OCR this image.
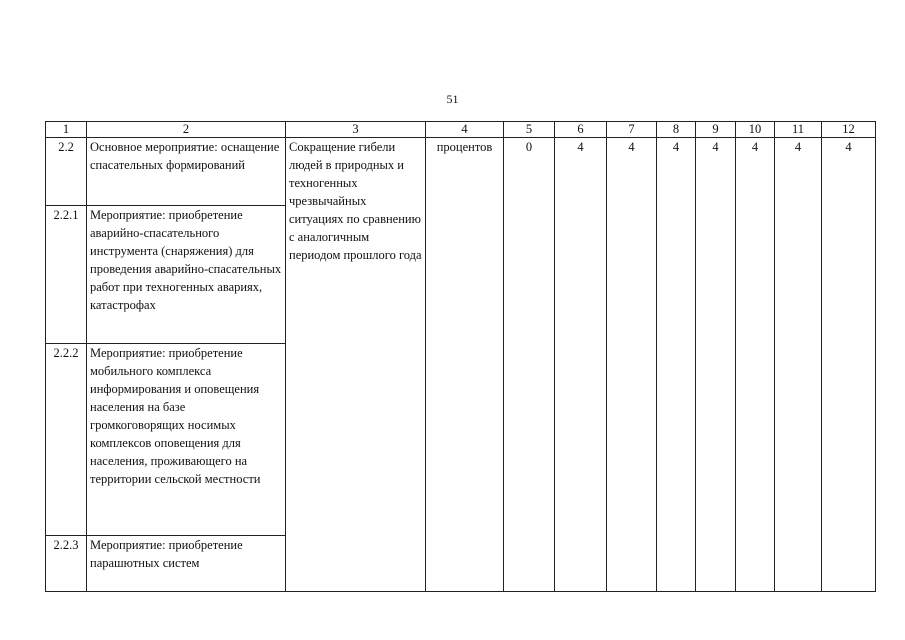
51
1	2	3	4	5	6	7	8	9	10	11	12
2.2	Основное мероприятие: оснащение спасательных формирований	Сокращение гибели людей в природных и техногенных чрезвычайных ситуациях по сравнению с аналогичным периодом прошлого года	процентов	0	4	4	4	4	4	4	4
2.2.1	Мероприятие: приобретение аварийно-спасательного инструмента (снаряжения) для проведения аварийно-спасательных работ при техногенных авариях, катастрофах										
2.2.2	Мероприятие: приобретение мобильного комплекса информирования и оповещения населения на базе громкоговорящих носимых комплексов оповещения для населения, проживающего на территории сельской местности										
2.2.3	Мероприятие: приобретение парашютных систем										
